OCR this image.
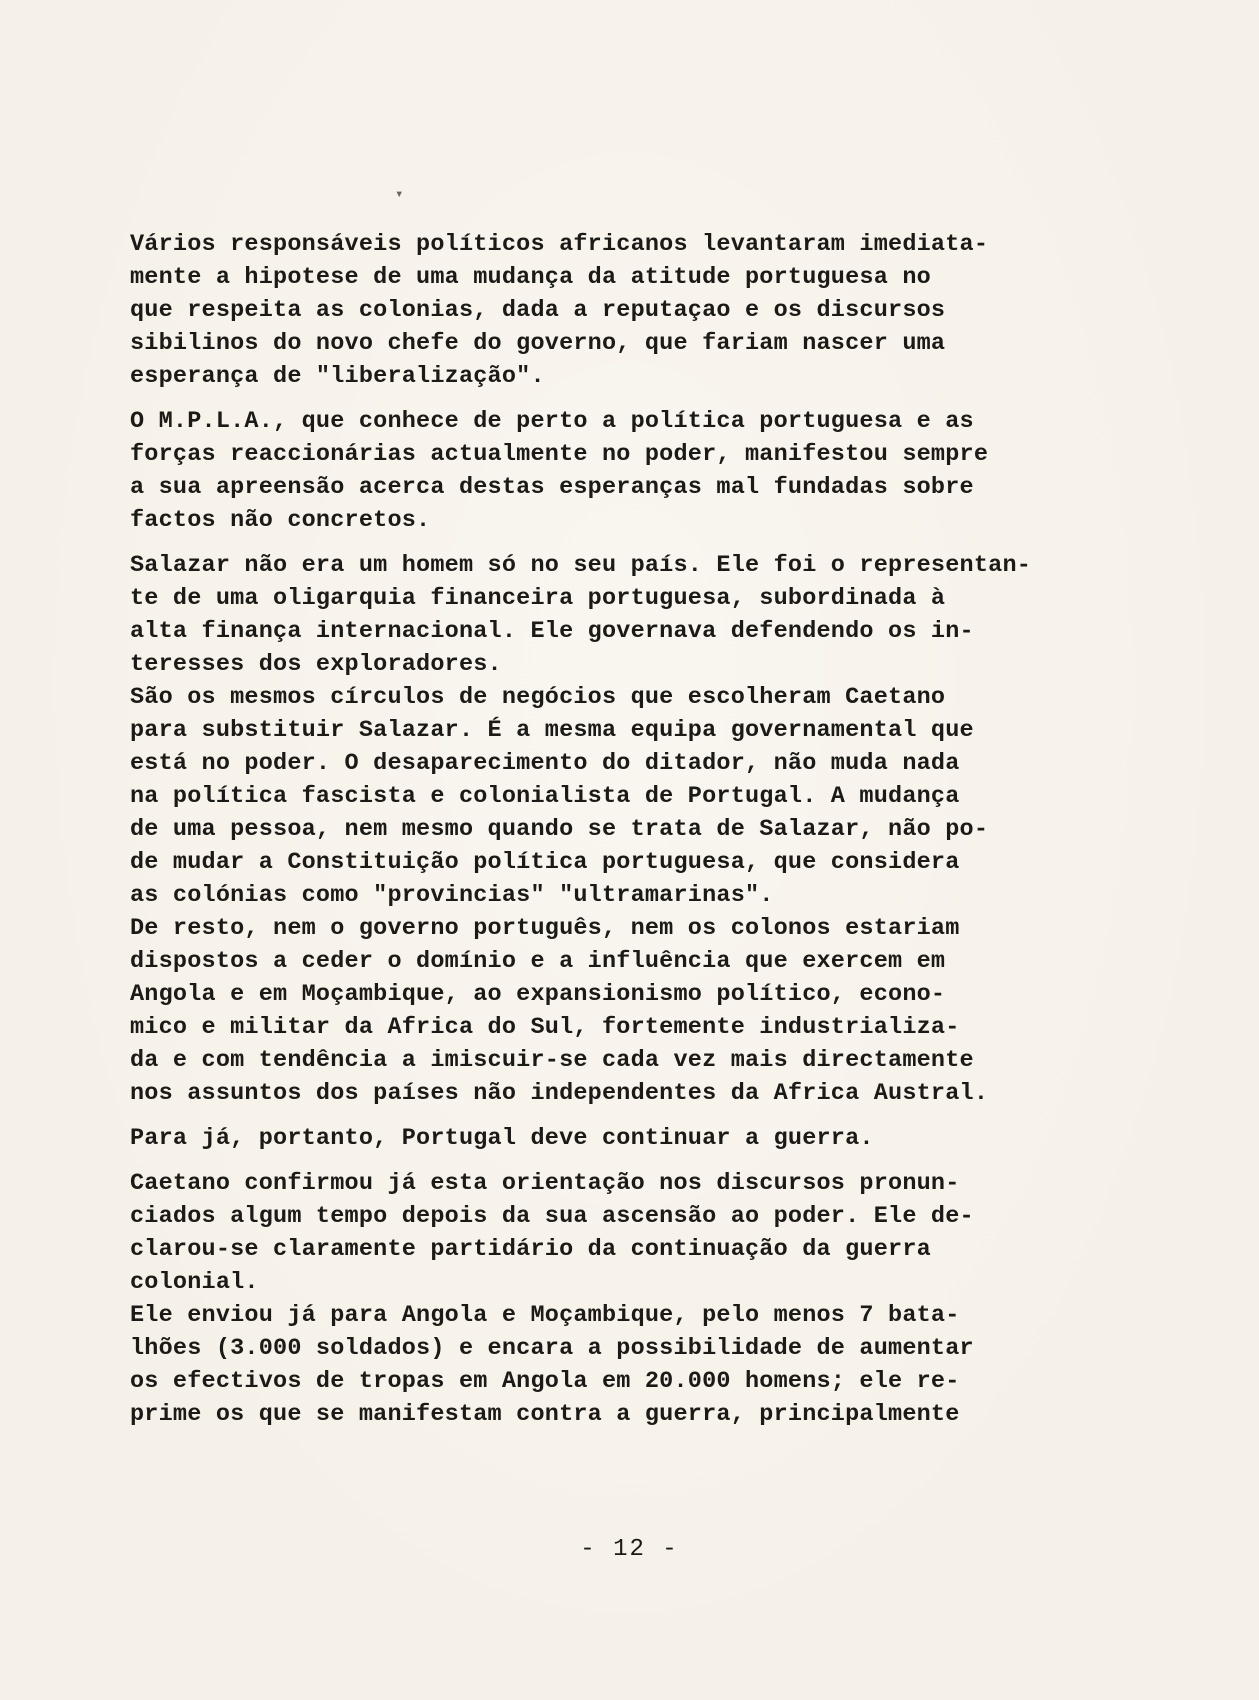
▾
Vários responsáveis políticos africanos levantaram imediata-
mente a hipotese de uma mudança da atitude portuguesa no
que respeita as colonias, dada a reputaçao e os discursos
sibilinos do novo chefe do governo, que fariam nascer uma
esperança de "liberalização".
O M.P.L.A., que conhece de perto a política portuguesa e as
forças reaccionárias actualmente no poder, manifestou sempre
a sua apreensão acerca destas esperanças mal fundadas sobre
factos não concretos.
Salazar não era um homem só no seu país. Ele foi o representan-
te de uma oligarquia financeira portuguesa, subordinada à
alta finança internacional. Ele governava defendendo os in-
teresses dos exploradores.
São os mesmos círculos de negócios que escolheram Caetano
para substituir Salazar. É a mesma equipa governamental que
está no poder. O desaparecimento do ditador, não muda nada
na política fascista e colonialista de Portugal. A mudança
de uma pessoa, nem mesmo quando se trata de Salazar, não po-
de mudar a Constituição política portuguesa, que considera
as colónias como "provincias" "ultramarinas".
De resto, nem o governo português, nem os colonos estariam
dispostos a ceder o domínio e a influência que exercem em
Angola e em Moçambique, ao expansionismo político, econo-
mico e militar da Africa do Sul, fortemente industrializa-
da e com tendência a imiscuir-se cada vez mais directamente
nos assuntos dos países não independentes da Africa Austral.
Para já, portanto, Portugal deve continuar a guerra.
Caetano confirmou já esta orientação nos discursos pronun-
ciados algum tempo depois da sua ascensão ao poder. Ele de-
clarou-se claramente partidário da continuação da guerra
colonial.
Ele enviou já para Angola e Moçambique, pelo menos 7 bata-
lhões (3.000 soldados) e encara a possibilidade de aumentar
os efectivos de tropas em Angola em 20.000 homens; ele re-
prime os que se manifestam contra a guerra, principalmente
- 12 -
